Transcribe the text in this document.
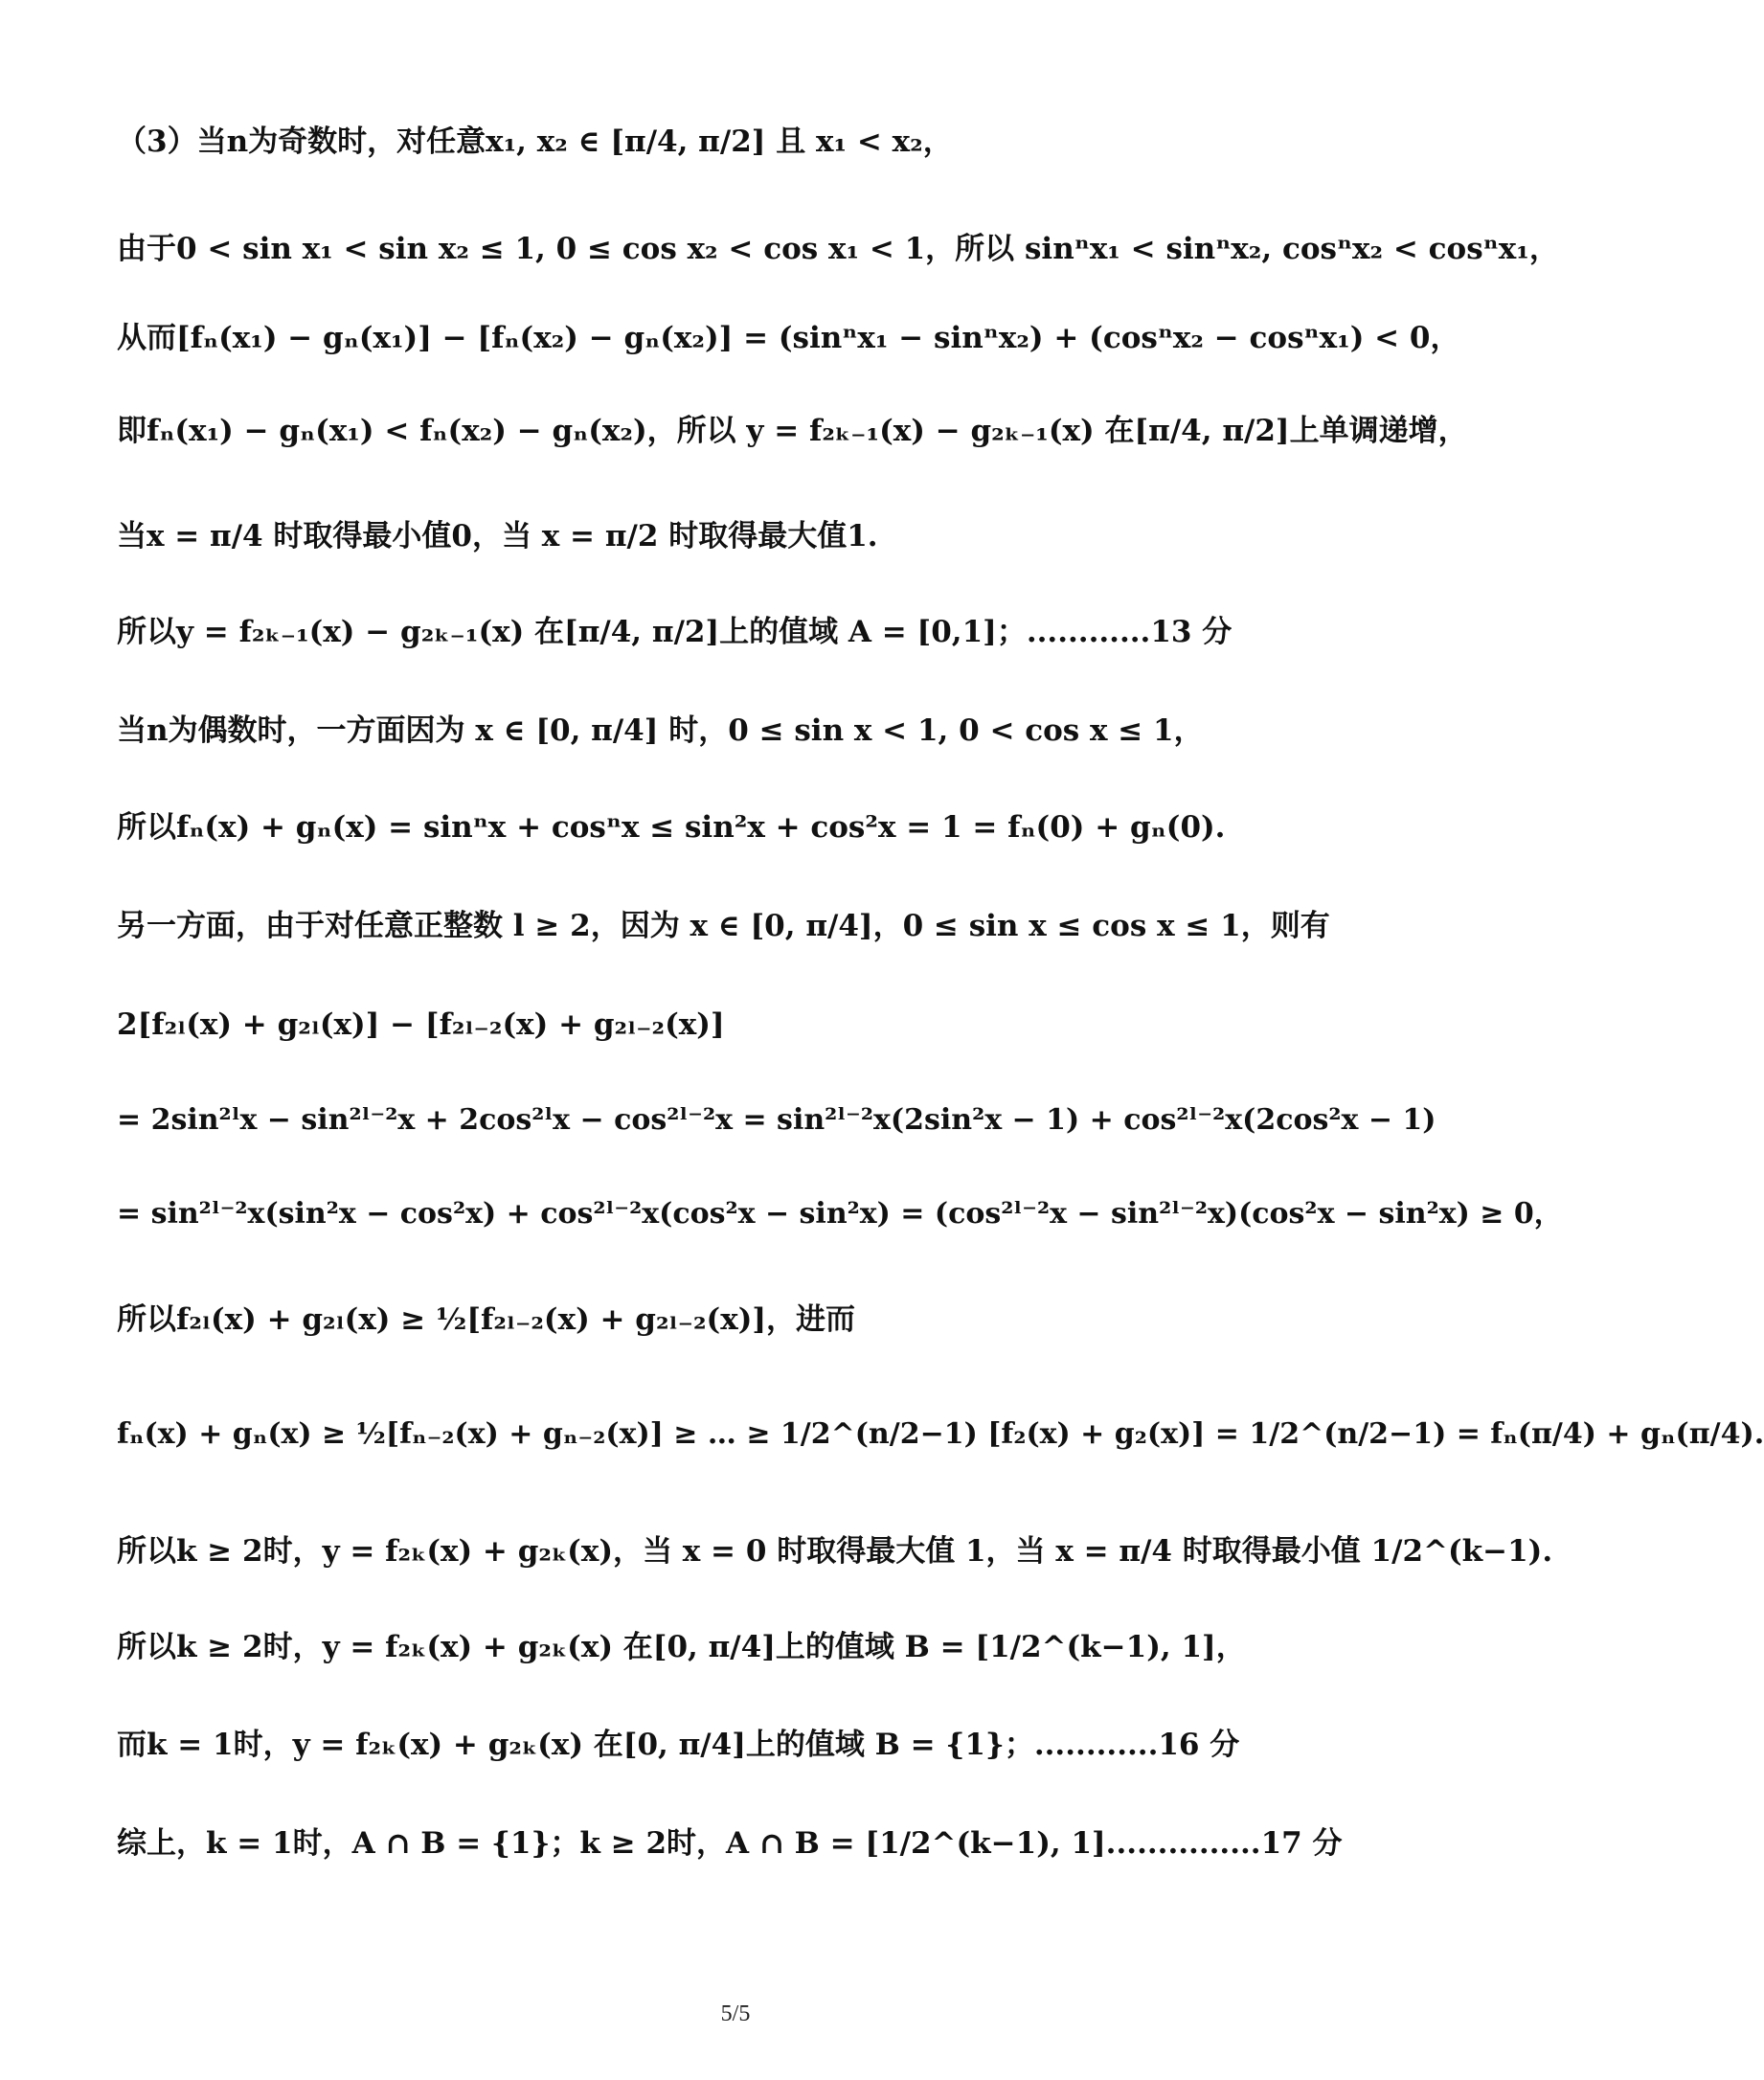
（3）当n为奇数时，对任意x₁, x₂ ∈ [π/4, π/2] 且 x₁ < x₂，
由于0 < sin x₁ < sin x₂ ≤ 1, 0 ≤ cos x₂ < cos x₁ < 1，所以 sinⁿx₁ < sinⁿx₂, cosⁿx₂ < cosⁿx₁，
从而[fₙ(x₁) − gₙ(x₁)] − [fₙ(x₂) − gₙ(x₂)] = (sinⁿx₁ − sinⁿx₂) + (cosⁿx₂ − cosⁿx₁) < 0，
即fₙ(x₁) − gₙ(x₁) < fₙ(x₂) − gₙ(x₂)，所以 y = f₂ₖ₋₁(x) − g₂ₖ₋₁(x) 在[π/4, π/2]上单调递增，
当x = π/4 时取得最小值0，当 x = π/2 时取得最大值1.
所以y = f₂ₖ₋₁(x) − g₂ₖ₋₁(x) 在[π/4, π/2]上的值域 A = [0,1]；............13 分
当n为偶数时，一方面因为 x ∈ [0, π/4] 时，0 ≤ sin x < 1, 0 < cos x ≤ 1，
所以fₙ(x) + gₙ(x) = sinⁿx + cosⁿx ≤ sin²x + cos²x = 1 = fₙ(0) + gₙ(0).
另一方面，由于对任意正整数 l ≥ 2，因为 x ∈ [0, π/4]，0 ≤ sin x ≤ cos x ≤ 1，则有
2[f₂ₗ(x) + g₂ₗ(x)] − [f₂ₗ₋₂(x) + g₂ₗ₋₂(x)]
= 2sin²ˡx − sin²ˡ⁻²x + 2cos²ˡx − cos²ˡ⁻²x = sin²ˡ⁻²x(2sin²x − 1) + cos²ˡ⁻²x(2cos²x − 1)
= sin²ˡ⁻²x(sin²x − cos²x) + cos²ˡ⁻²x(cos²x − sin²x) = (cos²ˡ⁻²x − sin²ˡ⁻²x)(cos²x − sin²x) ≥ 0，
所以f₂ₗ(x) + g₂ₗ(x) ≥ ½[f₂ₗ₋₂(x) + g₂ₗ₋₂(x)]，进而
fₙ(x) + gₙ(x) ≥ ½[fₙ₋₂(x) + gₙ₋₂(x)] ≥ … ≥ 1/2^(n/2−1) [f₂(x) + g₂(x)] = 1/2^(n/2−1) = fₙ(π/4) + gₙ(π/4).
所以k ≥ 2时，y = f₂ₖ(x) + g₂ₖ(x)，当 x = 0 时取得最大值 1，当 x = π/4 时取得最小值 1/2^(k−1).
所以k ≥ 2时，y = f₂ₖ(x) + g₂ₖ(x) 在[0, π/4]上的值域 B = [1/2^(k−1), 1]，
而k = 1时，y = f₂ₖ(x) + g₂ₖ(x) 在[0, π/4]上的值域 B = {1}；............16 分
综上，k = 1时，A ∩ B = {1}；k ≥ 2时，A ∩ B = [1/2^(k−1), 1]...............17 分
5/5
